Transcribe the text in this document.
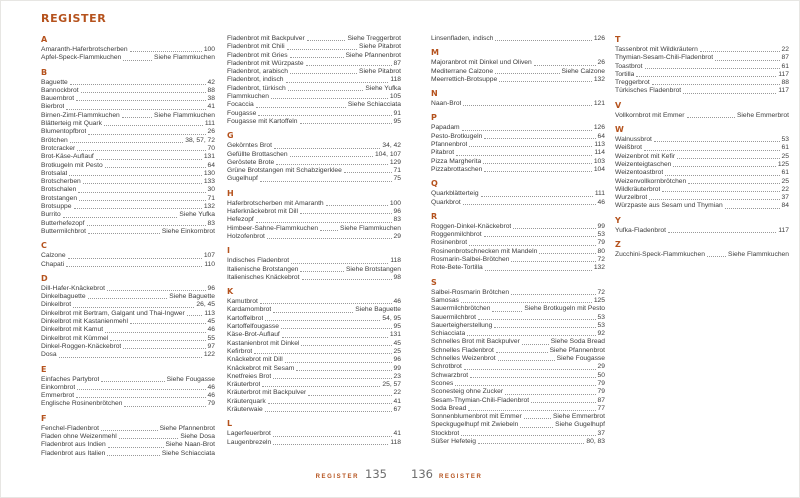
REGISTER
A
Amaranth-Haferbrotscherben	100
Apfel-Speck-Flammkuchen	Siehe Flammkuchen
B
Baguette	42
Bannockbrot	88
Bauernbrot	38
Bierbrot	41
Birnen-Zimt-Flammkuchen	Siehe Flammkuchen
Blätterteig mit Quark	111
Blumentopfbrot	26
Brötchen	38, 57, 72
Brotcracker	70
Brot-Käse-Auflauf	131
Brotkugeln mit Pesto	64
Brotsalat	130
Brotscherben	133
Brotschalen	30
Brotstangen	71
Brotsuppe	132
Burrito	Siehe Yufka
Butterhefezopf	83
Buttermilchbrot	Siehe Einkornbrot
C
Calzone	107
Chapati	110
D
Dill-Hafer-Knäckebrot	96
Dinkelbaguette	Siehe Baguette
Dinkelbrot	26, 45
Dinkelbrot mit Bertram, Galgant und Thai-Ingwer	113
Dinkelbrot mit Kastanienmehl	45
Dinkelbrot mit Kamut	46
Dinkelbrot mit Kümmel	55
Dinkel-Roggen-Knäckebrot	97
Dosa	122
E
Einfaches Partybrot	Siehe Fougasse
Einkornbrot	46
Emmerbrot	46
Englische Rosinenbrötchen	79
F
Fenchel-Fladenbrot	Siehe Pfannenbrot
Fladen ohne Weizenmehl	Siehe Dosa
Fladenbrot aus Indien	Siehe Naan-Brot
Fladenbrot aus Italien	Siehe Schiacciata
Fladenbrot mit Backpulver	Siehe Treggerbrot
Fladenbrot mit Chili	Siehe Pitabrot
Fladenbrot mit Gries	Siehe Pfannenbrot
Fladenbrot mit Würzpaste	87
Fladenbrot, arabisch	Siehe Pitabrot
Fladenbrot, indisch	118
Fladenbrot, türkisch	Siehe Yufka
Flammkuchen	105
Focaccia	Siehe Schiacciata
Fougasse	91
Fougasse mit Kartoffeln	95
G
Gekörntes Brot	34, 42
Gefüllte Brottaschen	104, 107
Geröstete Brote	129
Grüne Brotstangen mit Schabzigerklee	71
Gugelhupf	75
H
Haferbrotscherben mit Amaranth	100
Haferknäckebrot mit Dill	96
Hefezopf	83
Himbeer-Sahne-Flammkuchen	Siehe Flammkuchen
Holzofenbrot	29
I
Indisches Fladenbrot	118
Italienische Brotstangen	Siehe Brotstangen
Italienisches Knäckebrot	98
K
Kamutbrot	46
Kardamombrot	Siehe Baguette
Kartoffelbrot	54, 95
Kartoffelfougasse	95
Käse-Brot-Auflauf	131
Kastanienbrot mit Dinkel	45
Kefirbrot	25
Knäckebrot mit Dill	96
Knäckebrot mit Sesam	99
Knetfreies Brot	23
Kräuterbrot	25, 57
Kräuterbrot mit Backpulver	22
Kräuterquark	41
Kräuterwaie	67
L
Lagerfeuerbrot	41
Laugenbrezeln	118
Linsenfladen, indisch	126
M
Majoranbrot mit Dinkel und Oliven	26
Mediterrane Calzone	Siehe Calzone
Meerrettich-Brotsuppe	132
N
Naan-Brot	121
P
Papadam	126
Pesto-Brotkugeln	64
Pfannenbrot	113
Pitabrot	114
Pizza Margherita	103
Pizzabrottaschen	104
Q
Quarkblätterteig	111
Quarkbrot	46
R
Roggen-Dinkel-Knäckebrot	99
Roggenmilchbrot	53
Rosinenbrot	79
Rosinenbrotschnecken mit Mandeln	80
Rosmarin-Salbei-Brötchen	72
Rote-Bete-Tortilla	132
S
Salbei-Rosmarin Brötchen	72
Samosas	125
Sauermilchbrötchen	Siehe Brotkugeln mit Pesto
Sauermilchbrot	53
Sauerteigherstellung	53
Schiacciata	92
Schnelles Brot mit Backpulver	Siehe Soda Bread
Schnelles Fladenbrot	Siehe Pfannenbrot
Schnelles Weizenbrot	Siehe Fougasse
Schrotbrot	29
Schwarzbrot	50
Scones	79
Sconesteig ohne Zucker	79
Sesam-Thymian-Chili-Fladenbrot	87
Soda Bread	77
Sonnenblumenbrot mit Emmer	Siehe Emmerbrot
Speckgugelhupf mit Zwiebeln	Siehe Gugelhupf
Stockbrot	37
Süßer Hefeteig	80, 83
T
Tassenbrot mit Wildkräutern	22
Thymian-Sesam-Chili-Fladenbrot	87
Toastbrot	61
Tortilla	117
Treggerbrot	88
Türkisches Fladenbrot	117
V
Vollkornbrot mit Emmer	Siehe Emmerbrot
W
Walnussbrot	53
Weißbrot	61
Weizenbrot mit Kefir	25
Weizenteigtaschen	125
Weizentoastbrot	61
Weizenvollkornbrötchen	25
Wildkräuterbrot	22
Wurzelbrot	37
Würzpaste aus Sesam und Thymian	84
Y
Yufka-Fladenbrot	117
Z
Zucchini-Speck-Flammkuchen	Siehe Flammkuchen
REGISTER 135 136 REGISTER
